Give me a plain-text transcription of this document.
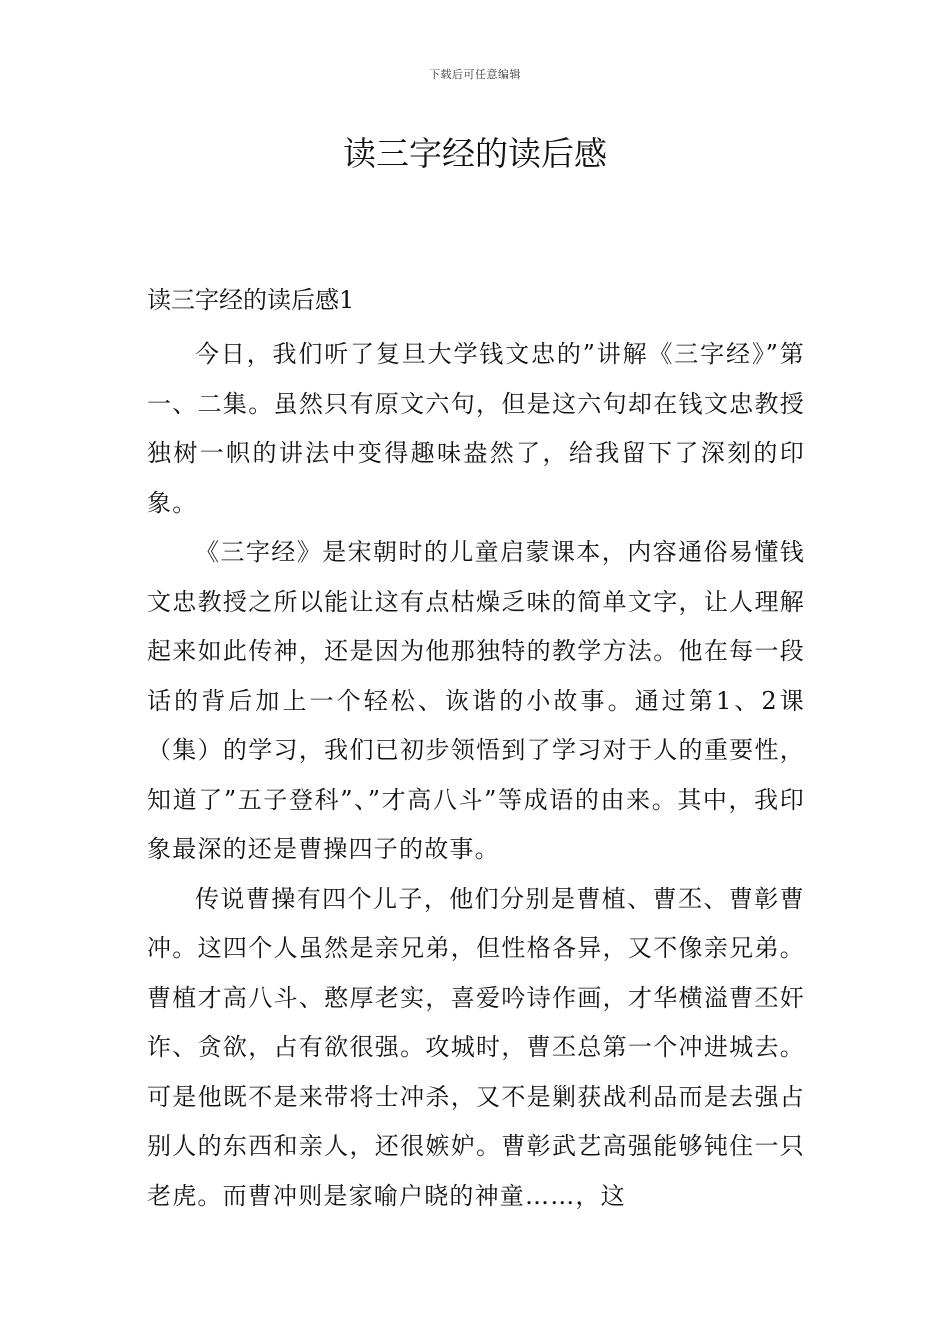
下载后可任意编辑
读三字经的读后感
读三字经的读后感1

今日，我们听了复旦大学钱文忠的”讲解《三字经》”第一、二集。虽然只有原文六句，但是这六句却在钱文忠教授独树一帜的讲法中变得趣味盎然了，给我留下了深刻的印象。

《三字经》是宋朝时的儿童启蒙课本，内容通俗易懂钱文忠教授之所以能让这有点枯燥乏味的简单文字，让人理解起来如此传神，还是因为他那独特的教学方法。他在每一段话的背后加上一个轻松、诙谐的小故事。通过第1、2课（集）的学习，我们已初步领悟到了学习对于人的重要性，知道了”五子登科”、”才高八斗”等成语的由来。其中，我印象最深的还是曹操四子的故事。

传说曹操有四个儿子，他们分别是曹植、曹丕、曹彰曹冲。这四个人虽然是亲兄弟，但性格各异，又不像亲兄弟。曹植才高八斗、憨厚老实，喜爱吟诗作画，才华横溢曹丕奸诈、贪欲，占有欲很强。攻城时，曹丕总第一个冲进城去。可是他既不是来带将士冲杀，又不是剿获战利品而是去强占别人的东西和亲人，还很嫉妒。曹彰武艺高强能够钝住一只老虎。而曹冲则是家喻户晓的神童……，这
